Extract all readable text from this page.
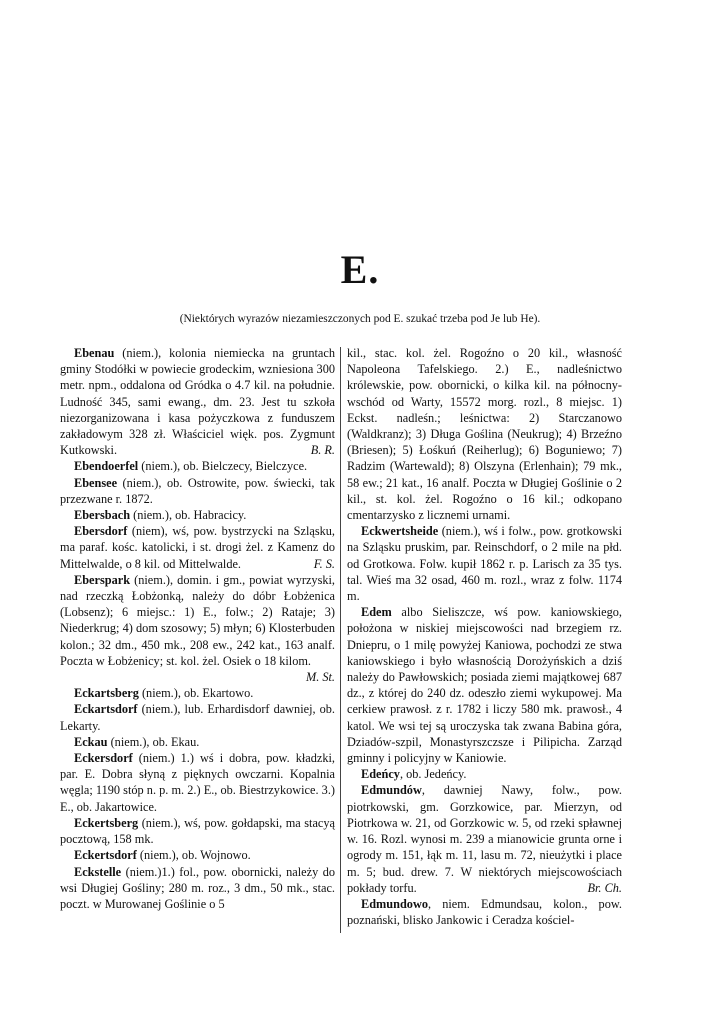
E.
(Niektórych wyrazów niezamieszczonych pod E. szukać trzeba pod Je lub He).

Ebenau (niem.), kolonia niemiecka na gruntach gminy Stodółki w powiecie grodeckim, wzniesiona 300 metr. npm., oddalona od Gródka o 4.7 kil. na południe. Ludność 345, sami ewang., dm. 23. Jest tu szkoła niezorganizowana i kasa pożyczkowa z funduszem zakładowym 328 zł. Właściciel więk. pos. Zygmunt Kutkowski.	B. R.

Ebendoerfel (niem.), ob. Bielczecy, Bielczyce.

Ebensee (niem.), ob. Ostrowite, pow. świecki, tak przezwane r. 1872.

Ebersbach (niem.), ob. Habracicy.

Ebersdorf (niem), wś, pow. bystrzycki na Szląsku, ma paraf. kośc. katolicki, i st. drogi żel. z Kamenz do Mittelwalde, o 8 kil. od Mittelwalde.	F. S.

Eberspark (niem.), domin. i gm., powiat wyrzyski, nad rzeczką Łobżonką, należy do dóbr Łobżenica (Lobsenz); 6 miejsc.: 1) E., folw.; 2) Rataje; 3) Niederkrug; 4) dom szosowy; 5) młyn; 6) Klosterbuden kolon.; 32 dm., 450 mk., 208 ew., 242 kat., 163 analf. Poczta w Łobżenicy; st. kol. żel. Osiek o 18 kilom.
M. St.

Eckartsberg (niem.), ob. Ekartowo.

Eckartsdorf (niem.), lub. Erhardisdorf dawniej, ob. Lekarty.

Eckau (niem.), ob. Ekau.

Eckersdorf (niem.) 1.) wś i dobra, pow. kładzki, par. E. Dobra słyną z pięknych owczarni. Kopalnia węgla; 1190 stóp n. p. m. 2.) E., ob. Biestrzykowice. 3.) E., ob. Jakartowice.

Eckertsberg (niem.), wś, pow. gołdapski, ma stacyą pocztową, 158 mk.

Eckertsdorf (niem.), ob. Wojnowo.

Eckstelle (niem.)1.) fol., pow. obornicki, należy do wsi Długiej Gośliny; 280 m. roz., 3 dm., 50 mk., stac. poczt. w Murowanej Goślinie o 5

kil., stac. kol. żel. Rogoźno o 20 kil., własność Napoleona Tafelskiego. 2.) E., nadleśnictwo królewskie, pow. obornicki, o kilka kil. na północny-wschód od Warty, 15572 morg. rozl., 8 miejsc. 1) Eckst. nadleśn.; leśnictwa: 2) Starczanowo (Waldkranz); 3) Długa Goślina (Neukrug); 4) Brzeźno (Briesen); 5) Łośkuń (Reiherlug); 6) Boguniewo; 7) Radzim (Wartewald); 8) Olszyna (Erlenhain); 79 mk., 58 ew.; 21 kat., 16 analf. Poczta w Długiej Goślinie o 2 kil., st. kol. żel. Rogoźno o 16 kil.; odkopano cmentarzysko z licznemi urnami.

Eckwertsheide (niem.), wś i folw., pow. grotkowski na Szląsku pruskim, par. Reinschdorf, o 2 mile na płd. od Grotkowa. Folw. kupił 1862 r. p. Larisch za 35 tys. tal. Wieś ma 32 osad, 460 m. rozl., wraz z folw. 1174 m.

Edem albo Sieliszcze, wś pow. kaniowskiego, położona w niskiej miejscowości nad brzegiem rz. Dniepru, o 1 milę powyżej Kaniowa, pochodzi ze stwa kaniowskiego i było własnością Dorożyńskich a dziś należy do Pawłowskich; posiada ziemi majątkowej 687 dz., z której do 240 dz. odeszło ziemi wykupowej. Ma cerkiew prawosł. z r. 1782 i liczy 580 mk. prawosł., 4 katol. We wsi tej są uroczyska tak zwana Babina góra, Dziadów-szpil, Monastyrszczsze i Pilipicha. Zarząd gminny i policyjny w Kaniowie.

Edeńcy, ob. Jedeńcy.

Edmundów, dawniej Nawy, folw., pow. piotrkowski, gm. Gorzkowice, par. Mierzyn, od Piotrkowa w. 21, od Gorzkowic w. 5, od rzeki spławnej w. 16. Rozl. wynosi m. 239 a mianowicie grunta orne i ogrody m. 151, łąk m. 11, lasu m. 72, nieużytki i place m. 5; bud. drew. 7. W niektórych miejscowościach pokłady torfu.	Br. Ch.

Edmundowo, niem. Edmundsau, kolon., pow. poznański, blisko Jankowic i Ceradza kościel-
